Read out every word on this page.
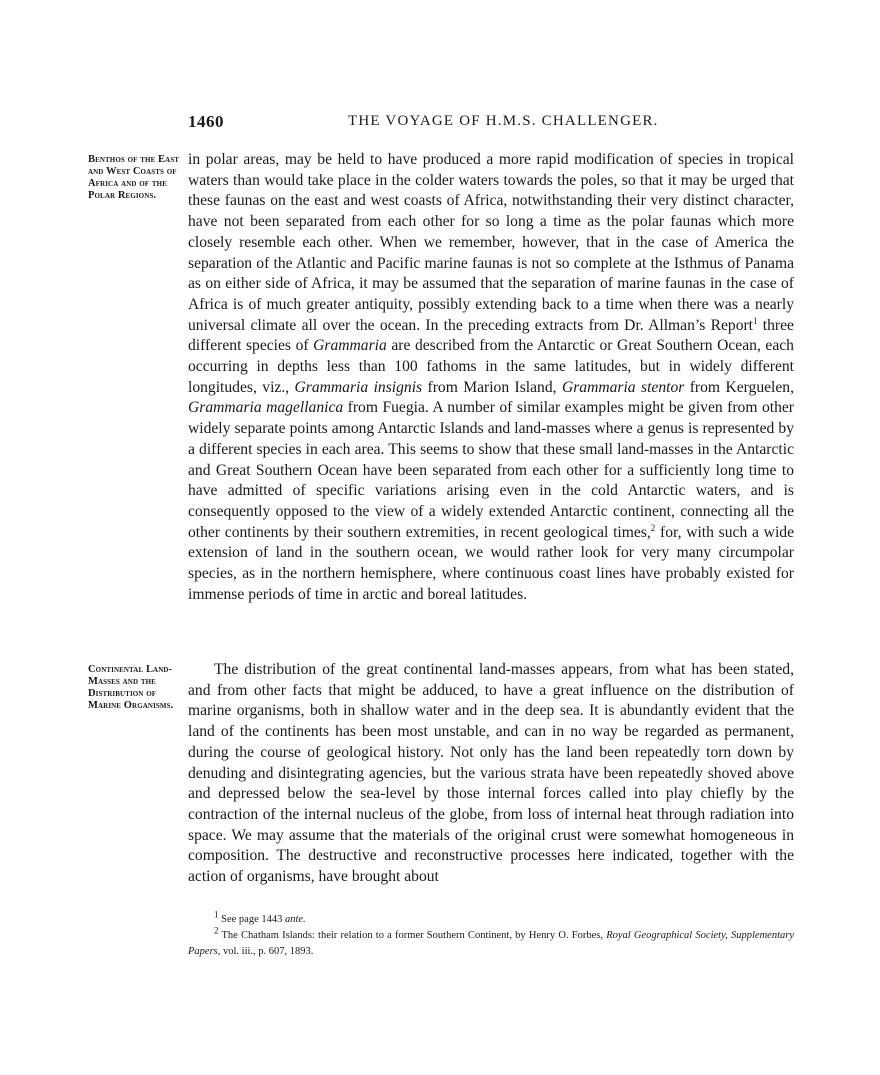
1460	THE VOYAGE OF H.M.S. CHALLENGER.
Benthos of the East and West Coasts of Africa and of the Polar Regions.

in polar areas, may be held to have produced a more rapid modification of species in tropical waters than would take place in the colder waters towards the poles, so that it may be urged that these faunas on the east and west coasts of Africa, notwithstanding their very distinct character, have not been separated from each other for so long a time as the polar faunas which more closely resemble each other. When we remember, however, that in the case of America the separation of the Atlantic and Pacific marine faunas is not so complete at the Isthmus of Panama as on either side of Africa, it may be assumed that the separation of marine faunas in the case of Africa is of much greater antiquity, possibly extending back to a time when there was a nearly universal climate all over the ocean. In the preceding extracts from Dr. Allman’s Report$^1$ three different species of Grammaria are described from the Antarctic or Great Southern Ocean, each occurring in depths less than 100 fathoms in the same latitudes, but in widely different longitudes, viz., Grammaria insignis from Marion Island, Grammaria stentor from Kerguelen, Grammaria magellanica from Fuegia. A number of similar examples might be given from other widely separate points among Antarctic Islands and land-masses where a genus is represented by a different species in each area. This seems to show that these small land-masses in the Antarctic and Great Southern Ocean have been separated from each other for a sufficiently long time to have admitted of specific variations arising even in the cold Antarctic waters, and is consequently opposed to the view of a widely extended Antarctic continent, connecting all the other continents by their southern extremities, in recent geological times,$^2$ for, with such a wide extension of land in the southern ocean, we would rather look for very many circumpolar species, as in the northern hemisphere, where continuous coast lines have probably existed for immense periods of time in arctic and boreal latitudes.

Continental Land-Masses and the Distribution of Marine Organisms.

The distribution of the great continental land-masses appears, from what has been stated, and from other facts that might be adduced, to have a great influence on the distribution of marine organisms, both in shallow water and in the deep sea. It is abundantly evident that the land of the continents has been most unstable, and can in no way be regarded as permanent, during the course of geological history. Not only has the land been repeatedly torn down by denuding and disintegrating agencies, but the various strata have been repeatedly shoved above and depressed below the sea-level by those internal forces called into play chiefly by the contraction of the internal nucleus of the globe, from loss of internal heat through radiation into space. We may assume that the materials of the original crust were somewhat homogeneous in composition. The destructive and reconstructive processes here indicated, together with the action of organisms, have brought about

$^1$ See page 1443 ante.
$^2$ The Chatham Islands: their relation to a former Southern Continent, by Henry O. Forbes, Royal Geographical Society, Supplementary Papers, vol. iii., p. 607, 1893.
